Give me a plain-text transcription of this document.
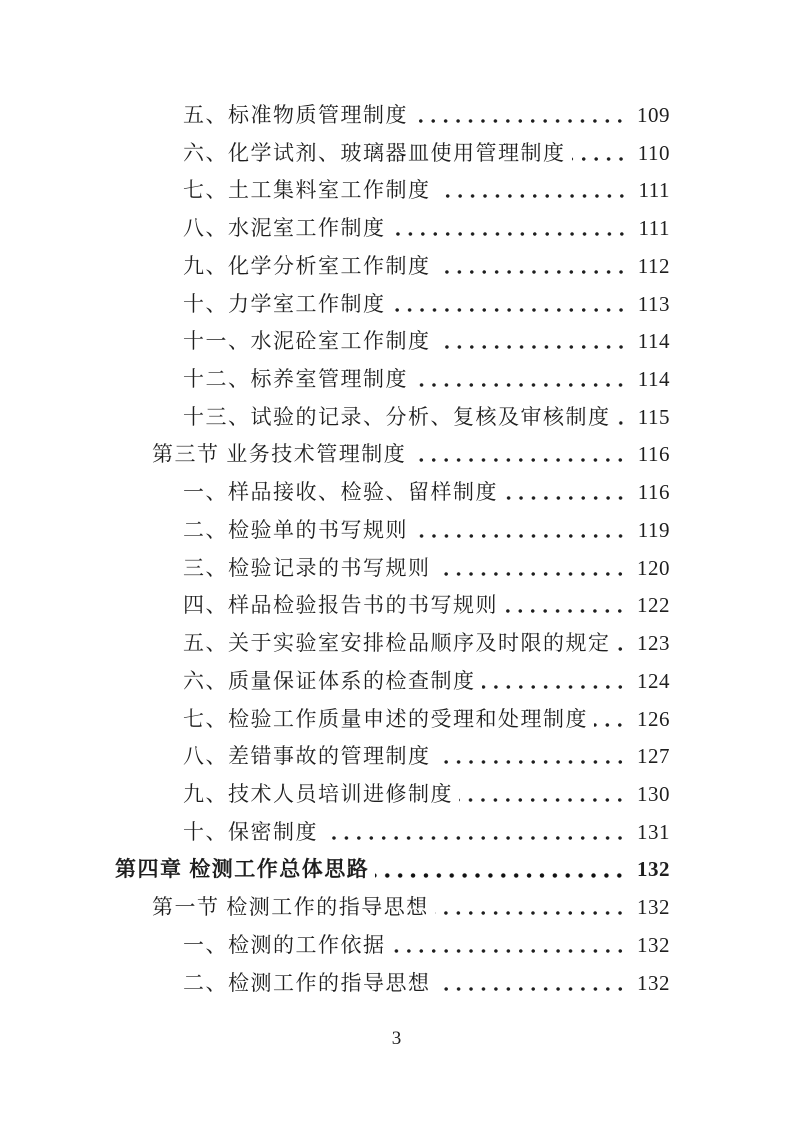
五、标准物质管理制度	109
六、化学试剂、玻璃器皿使用管理制度	110
七、土工集料室工作制度	111
八、水泥室工作制度	111
九、化学分析室工作制度	112
十、力学室工作制度	113
十一、水泥砼室工作制度	114
十二、标养室管理制度	114
十三、试验的记录、分析、复核及审核制度 115
第三节 业务技术管理制度	116
一、样品接收、检验、留样制度	116
二、检验单的书写规则	119
三、检验记录的书写规则	120
四、样品检验报告书的书写规则	122
五、关于实验室安排检品顺序及时限的规定 123
六、质量保证体系的检查制度	124
七、检验工作质量申述的受理和处理制度 126
八、差错事故的管理制度	127
九、技术人员培训进修制度	130
十、保密制度	131
第四章 检测工作总体思路	132
第一节 检测工作的指导思想	132
一、检测的工作依据	132
二、检测工作的指导思想	132
3
